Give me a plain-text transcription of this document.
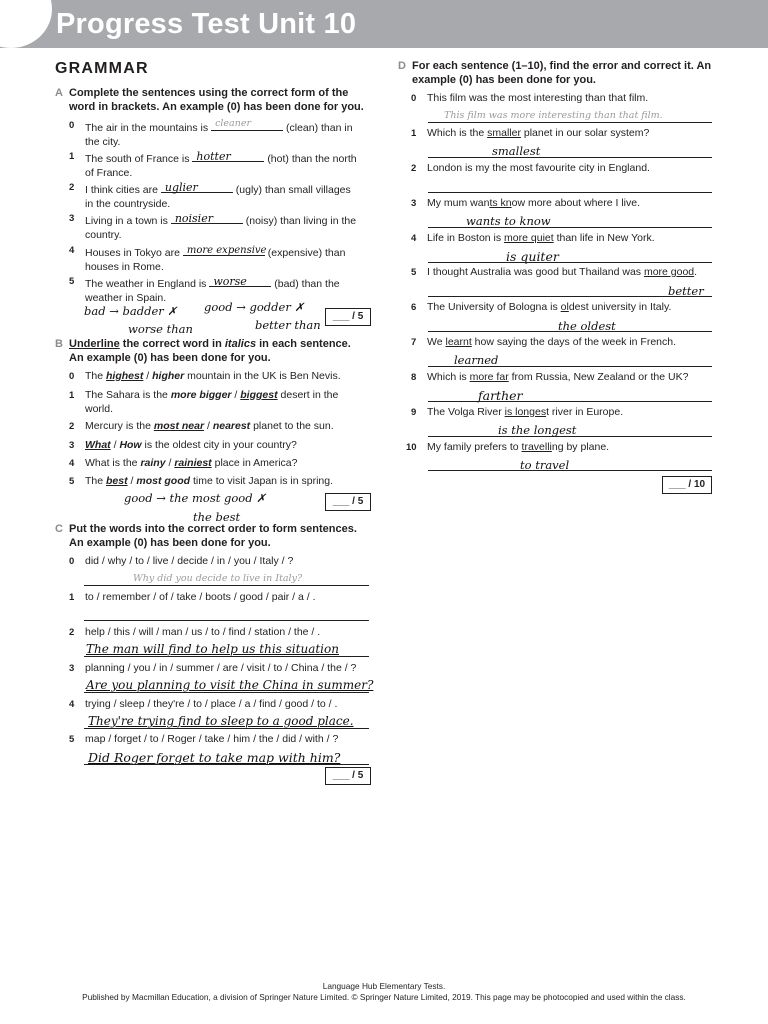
Progress Test Unit 10
GRAMMAR
A Complete the sentences using the correct form of the word in brackets. An example (0) has been done for you.
0	The air in the mountains is cleaner	(clean) than in the city.
1	The south of France is hotter	(hot) than the north of France.
2	I think cities are uglier	(ugly) than small villages in the countryside.
3	Living in a town is noisier	(noisy) than living in the country.
4	Houses in Tokyo are more expensive (expensive) than houses in Rome.
5	The weather in England is worse	(bad) than the weather in Spain.
bad → badder ✗ good → godder ✗
worse than	better than
___ / 5
B Underline the correct word in italics in each sentence. An example (0) has been done for you.
0	The highest / higher mountain in the UK is Ben Nevis.
1	The Sahara is the more bigger / biggest desert in the world.
2	Mercury is the most near / nearest planet to the sun.
3	What / How is the oldest city in your country?
4	What is the rainy / rainiest place in America?
5	The best / most good time to visit Japan is in spring.
good → the most good ✗
the best
___ / 5
C Put the words into the correct order to form sentences. An example (0) has been done for you.
0	did / why / to / live / decide / in / you / Italy / ?
Why did you decide to live in Italy?
1	to / remember / of / take / boots / good / pair / a / .
2	help / this / will / man / us / to / find / station / the / .
The man will find to help us this situation
3	planning / you / in / summer / are / visit / to / China / the / ?
Are you planning to visit the China in summer?
4	trying / sleep / they're / to / place / a / find / good / to / .
They're trying find to sleep to a good place.
5	map / forget / to / Roger / take / him / the / did / with / ?
Did Roger forget to take map with him?
___ / 5
D For each sentence (1–10), find the error and correct it. An example (0) has been done for you.
0	This film was the most interesting than that film.
This film was more interesting than that film.
1	Which is the smaller planet in our solar system?
smallest
2	London is my the most favourite city in England.
3	My mum wants know more about where I live.
wants to know
4	Life in Boston is more quiet than life in New York.
is quiter
5	I thought Australia was good but Thailand was more good.
better
6	The University of Bologna is oldest university in Italy.
the oldest
7	We learnt how saying the days of the week in French.
learned
8	Which is more far from Russia, New Zealand or the UK?
farther
9	The Volga River is longest river in Europe.
is the longest
10 My family prefers to travelling by plane.
to travel
___ / 10
Language Hub Elementary Tests.
Published by Macmillan Education, a division of Springer Nature Limited. © Springer Nature Limited, 2019. This page may be photocopied and used within the class.
